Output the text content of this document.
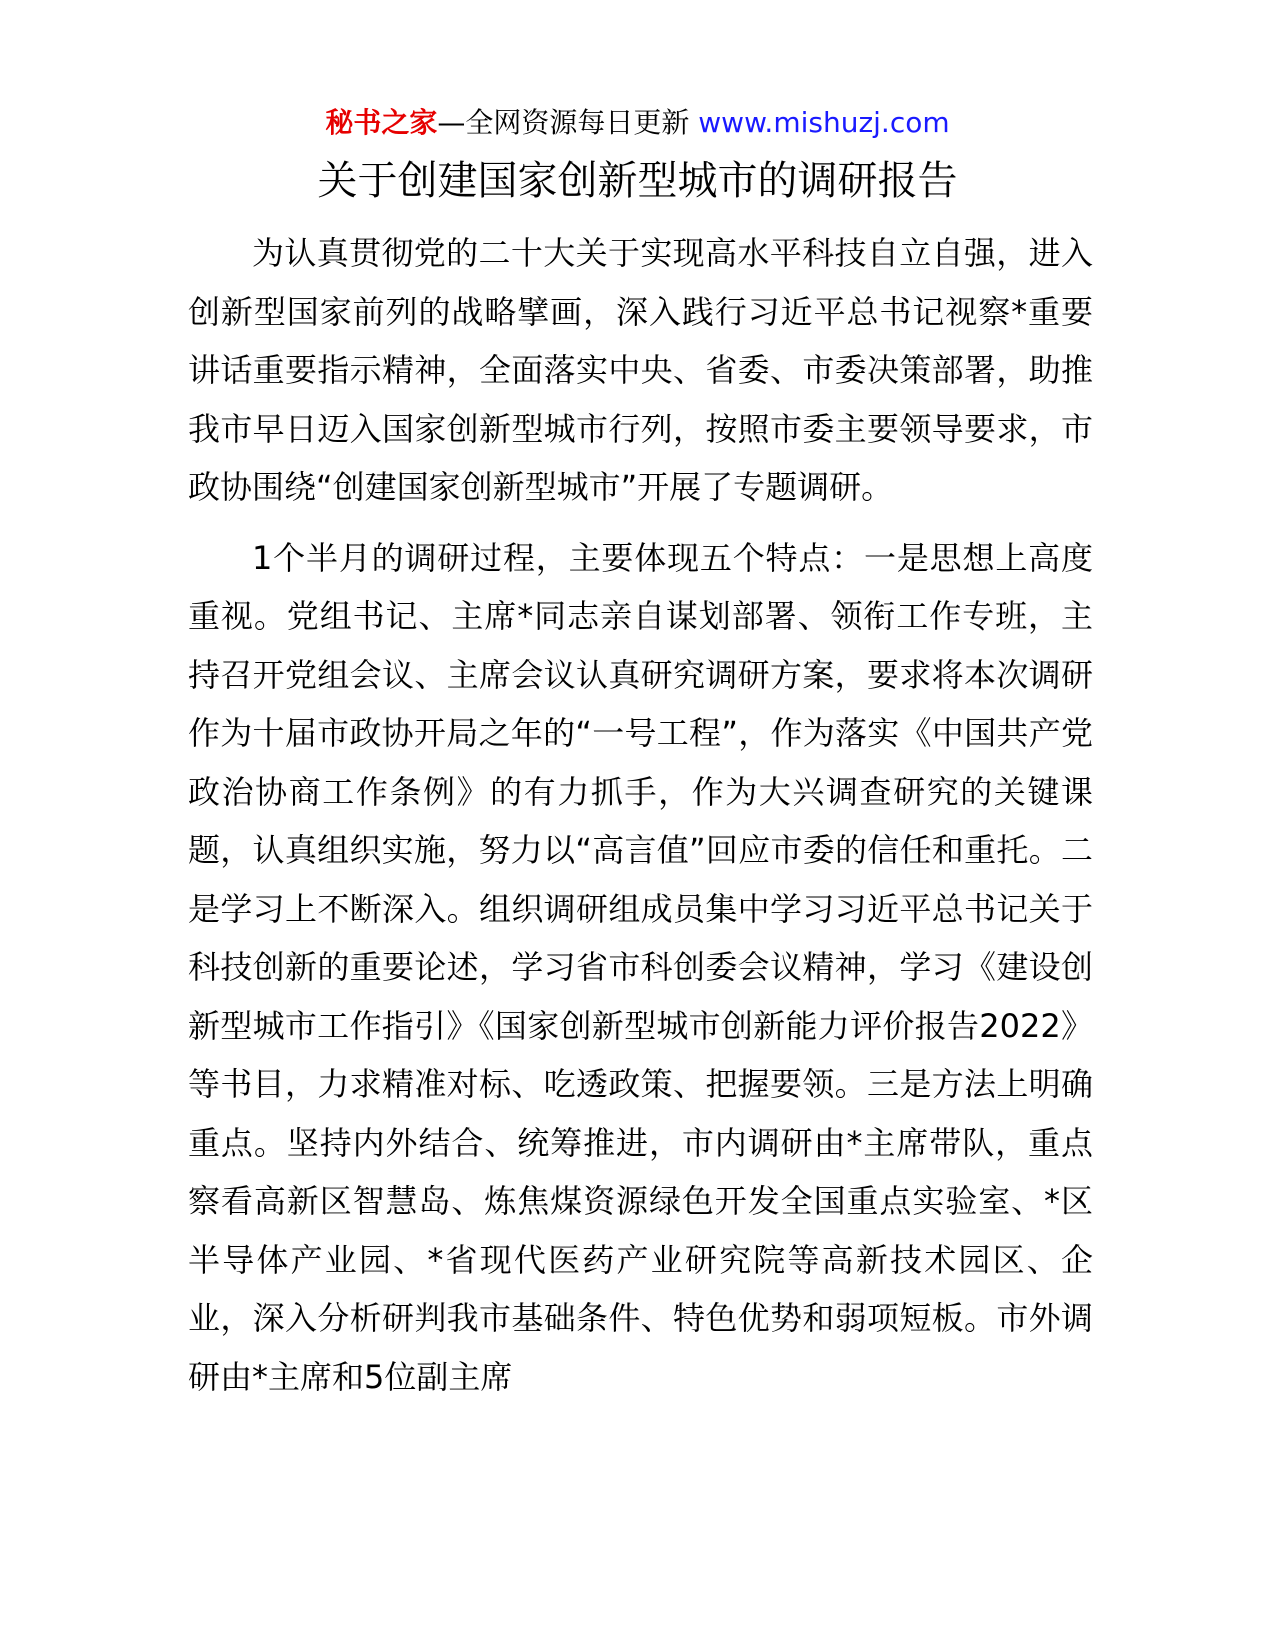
秘书之家—全网资源每日更新 www.mishuzj.com
关于创建国家创新型城市的调研报告

为认真贯彻党的二十大关于实现高水平科技自立自强，进入创新型国家前列的战略擘画，深入践行习近平总书记视察*重要讲话重要指示精神，全面落实中央、省委、市委决策部署，助推我市早日迈入国家创新型城市行列，按照市委主要领导要求，市政协围绕“创建国家创新型城市”开展了专题调研。

1个半月的调研过程，主要体现五个特点：一是思想上高度重视。党组书记、主席*同志亲自谋划部署、领衔工作专班，主持召开党组会议、主席会议认真研究调研方案，要求将本次调研作为十届市政协开局之年的“一号工程”，作为落实《中国共产党政治协商工作条例》的有力抓手，作为大兴调查研究的关键课题，认真组织实施，努力以“高言值”回应市委的信任和重托。二是学习上不断深入。组织调研组成员集中学习习近平总书记关于科技创新的重要论述，学习省市科创委会议精神，学习《建设创新型城市工作指引》《国家创新型城市创新能力评价报告2022》等书目，力求精准对标、吃透政策、把握要领。三是方法上明确重点。坚持内外结合、统筹推进，市内调研由*主席带队，重点察看高新区智慧岛、炼焦煤资源绿色开发全国重点实验室、*区半导体产业园、*省现代医药产业研究院等高新技术园区、企业，深入分析研判我市基础条件、特色优势和弱项短板。市外调研由*主席和5位副主席
